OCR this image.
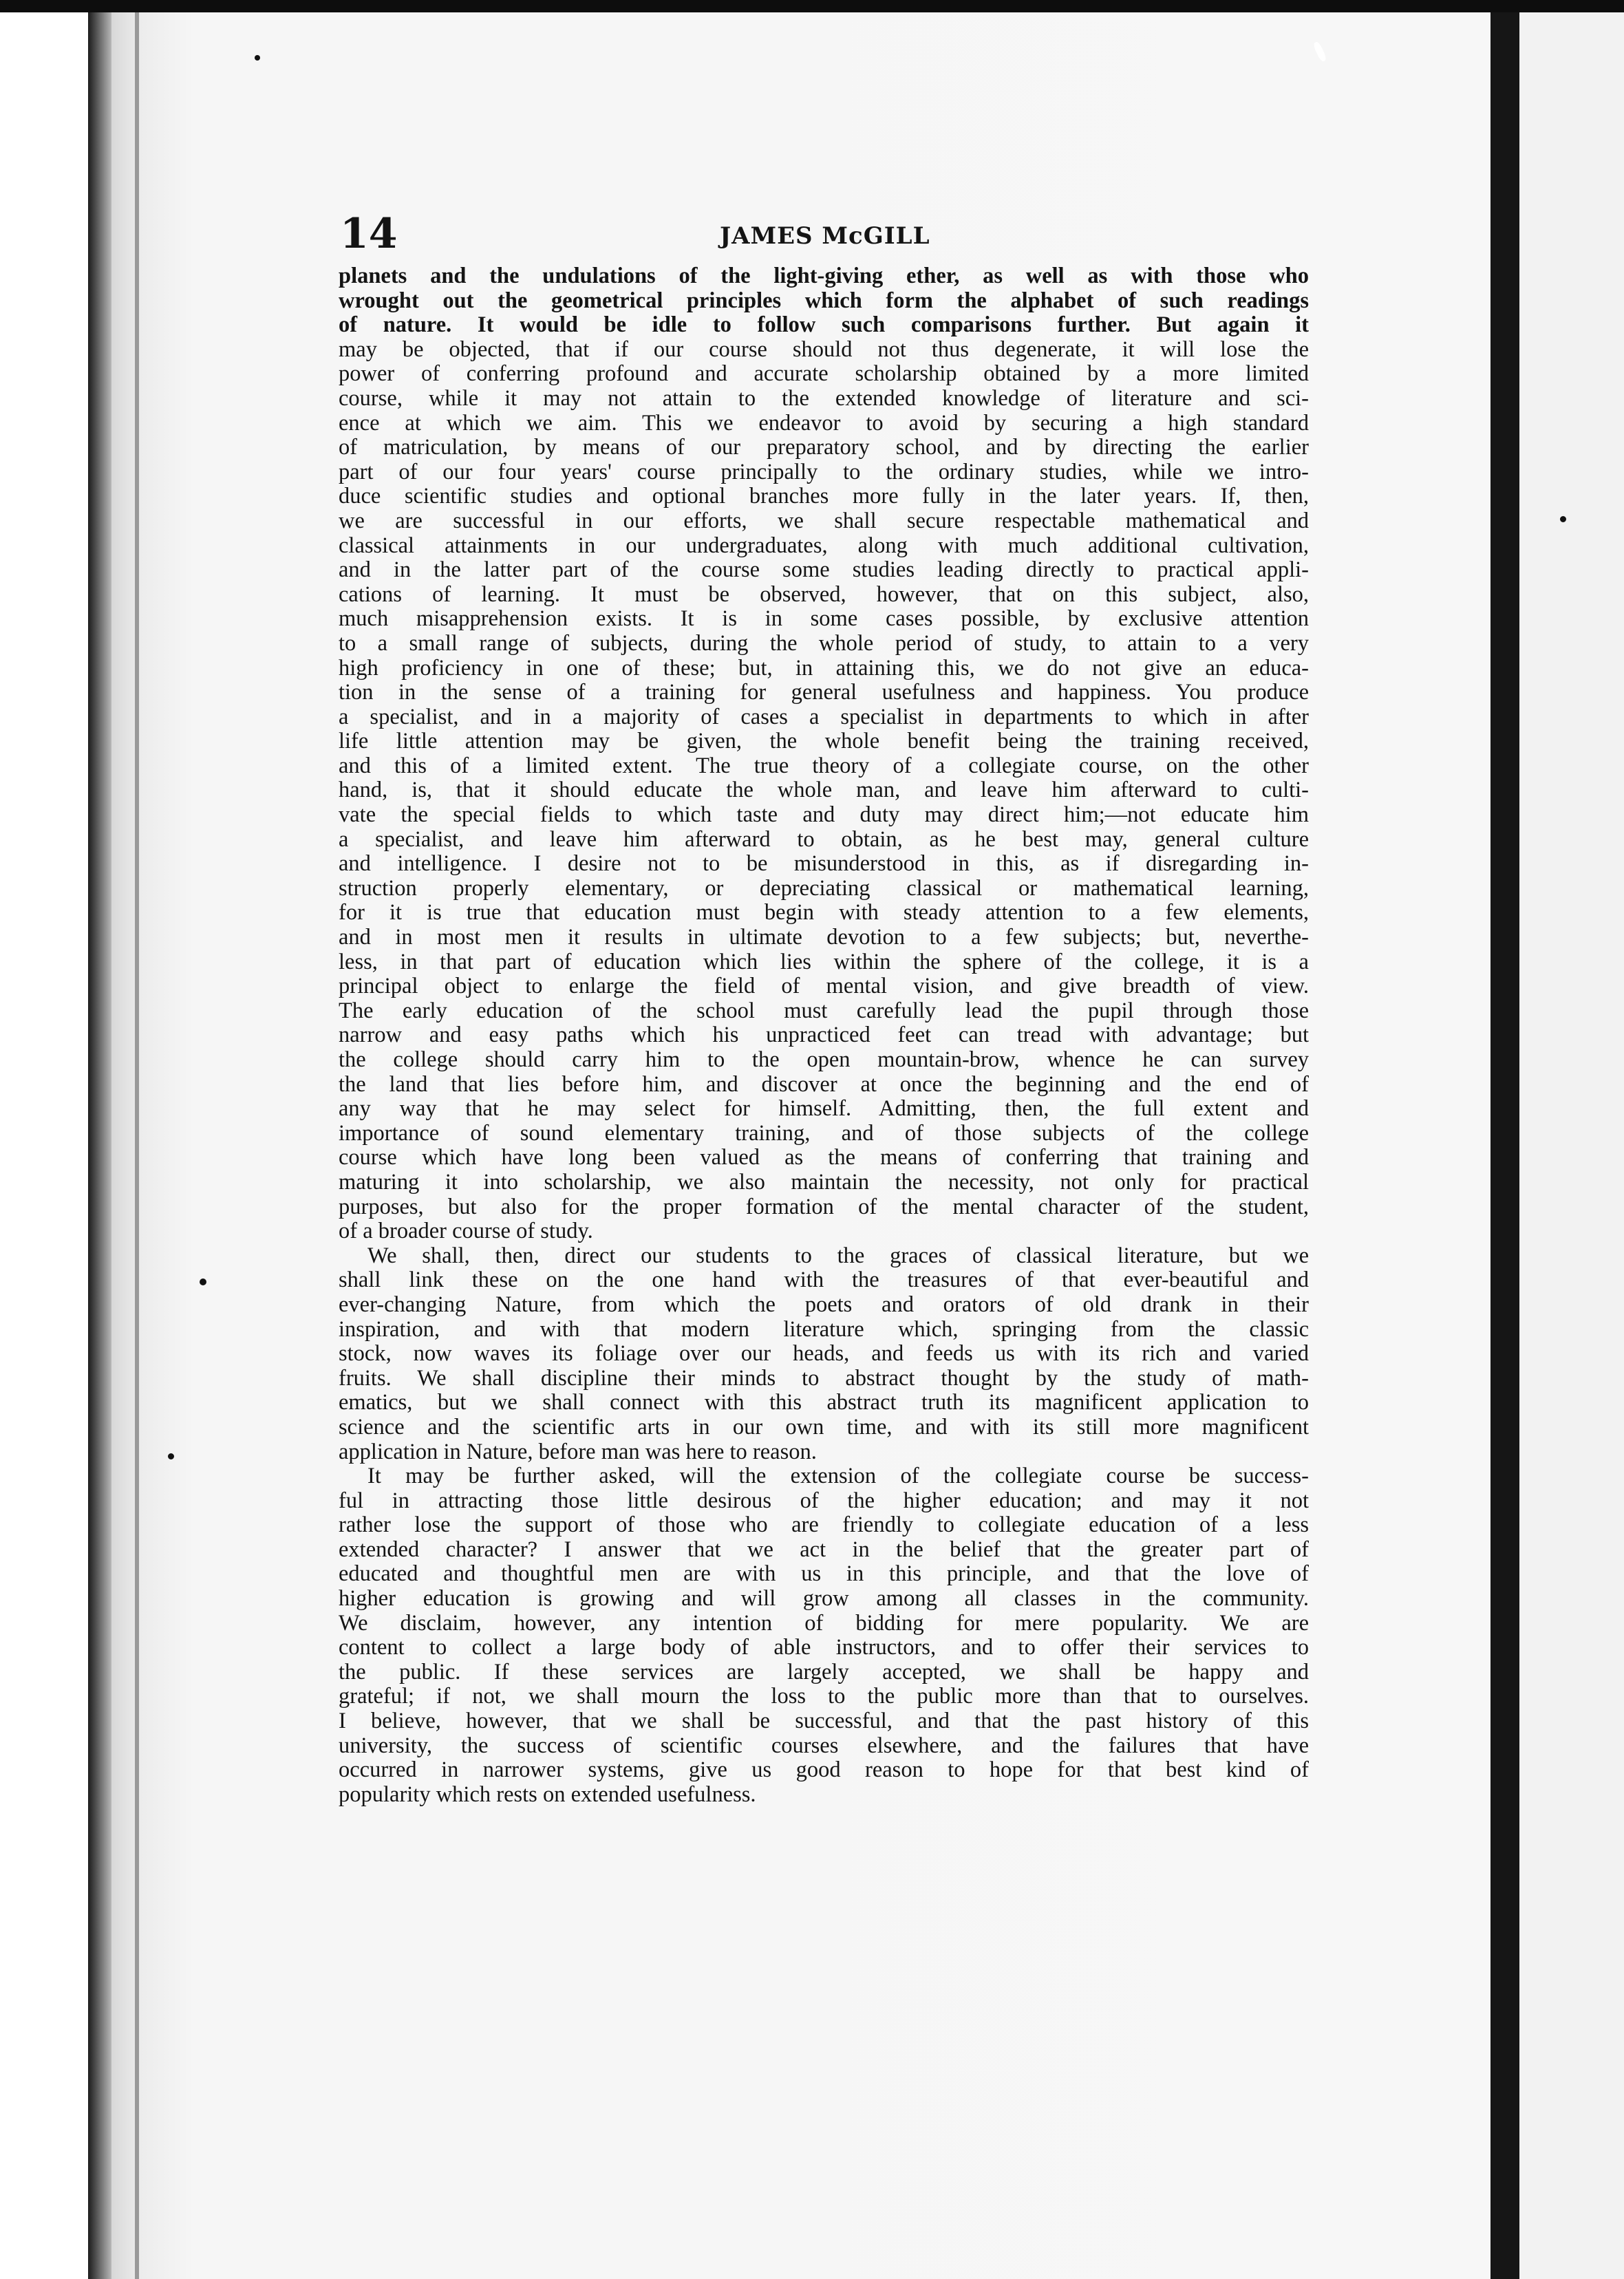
14	JAMES McGILL
planets and the undulations of the light-giving ether, as well as with those who
wrought out the geometrical principles which form the alphabet of such readings
of nature. It would be idle to follow such comparisons further. But again it
may be objected, that if our course should not thus degenerate, it will lose the
power of conferring profound and accurate scholarship obtained by a more limited
course, while it may not attain to the extended knowledge of literature and sci-
ence at which we aim. This we endeavor to avoid by securing a high standard
of matriculation, by means of our preparatory school, and by directing the earlier
part of our four years' course principally to the ordinary studies, while we intro-
duce scientific studies and optional branches more fully in the later years. If, then,
we are successful in our efforts, we shall secure respectable mathematical and
classical attainments in our undergraduates, along with much additional cultivation,
and in the latter part of the course some studies leading directly to practical appli-
cations of learning. It must be observed, however, that on this subject, also,
much misapprehension exists. It is in some cases possible, by exclusive attention
to a small range of subjects, during the whole period of study, to attain to a very
high proficiency in one of these; but, in attaining this, we do not give an educa-
tion in the sense of a training for general usefulness and happiness. You produce
a specialist, and in a majority of cases a specialist in departments to which in after
life little attention may be given, the whole benefit being the training received,
and this of a limited extent. The true theory of a collegiate course, on the other
hand, is, that it should educate the whole man, and leave him afterward to culti-
vate the special fields to which taste and duty may direct him;—not educate him
a specialist, and leave him afterward to obtain, as he best may, general culture
and intelligence. I desire not to be misunderstood in this, as if disregarding in-
struction properly elementary, or depreciating classical or mathematical learning,
for it is true that education must begin with steady attention to a few elements,
and in most men it results in ultimate devotion to a few subjects; but, neverthe-
less, in that part of education which lies within the sphere of the college, it is a
principal object to enlarge the field of mental vision, and give breadth of view.
The early education of the school must carefully lead the pupil through those
narrow and easy paths which his unpracticed feet can tread with advantage; but
the college should carry him to the open mountain-brow, whence he can survey
the land that lies before him, and discover at once the beginning and the end of
any way that he may select for himself. Admitting, then, the full extent and
importance of sound elementary training, and of those subjects of the college
course which have long been valued as the means of conferring that training and
maturing it into scholarship, we also maintain the necessity, not only for practical
purposes, but also for the proper formation of the mental character of the student,
of a broader course of study.
We shall, then, direct our students to the graces of classical literature, but we
shall link these on the one hand with the treasures of that ever-beautiful and
ever-changing Nature, from which the poets and orators of old drank in their
inspiration, and with that modern literature which, springing from the classic
stock, now waves its foliage over our heads, and feeds us with its rich and varied
fruits. We shall discipline their minds to abstract thought by the study of math-
ematics, but we shall connect with this abstract truth its magnificent application to
science and the scientific arts in our own time, and with its still more magnificent
application in Nature, before man was here to reason.
It may be further asked, will the extension of the collegiate course be success-
ful in attracting those little desirous of the higher education; and may it not
rather lose the support of those who are friendly to collegiate education of a less
extended character? I answer that we act in the belief that the greater part of
educated and thoughtful men are with us in this principle, and that the love of
higher education is growing and will grow among all classes in the community.
We disclaim, however, any intention of bidding for mere popularity. We are
content to collect a large body of able instructors, and to offer their services to
the public. If these services are largely accepted, we shall be happy and
grateful; if not, we shall mourn the loss to the public more than that to ourselves.
I believe, however, that we shall be successful, and that the past history of this
university, the success of scientific courses elsewhere, and the failures that have
occurred in narrower systems, give us good reason to hope for that best kind of
popularity which rests on extended usefulness.
